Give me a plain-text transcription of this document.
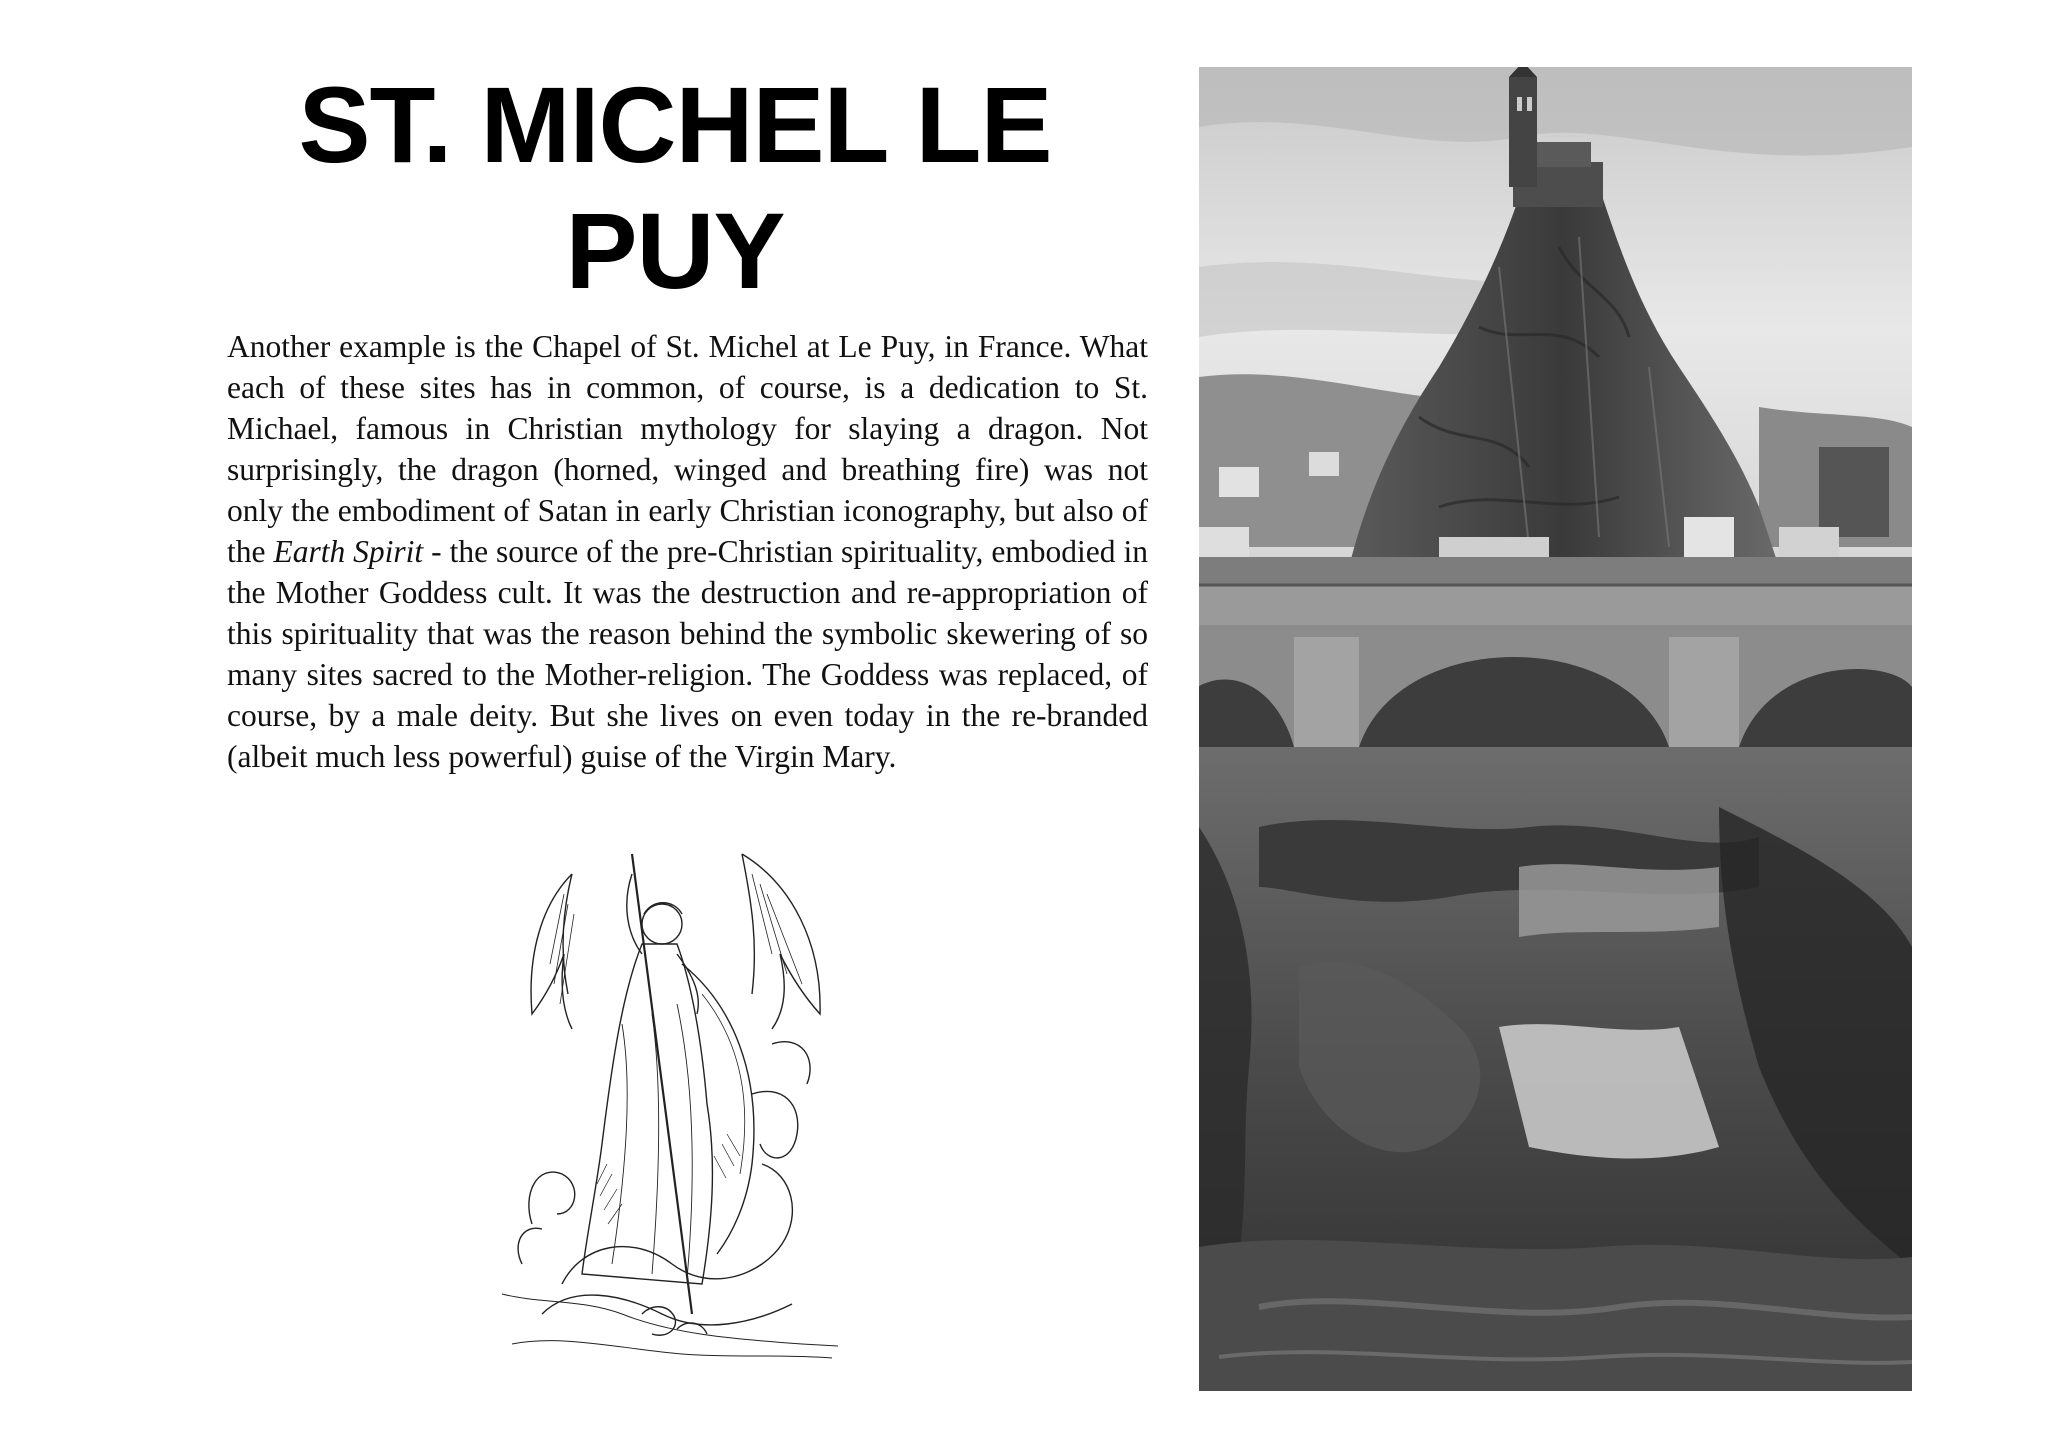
ST. MICHEL LE
PUY
Another example is the Chapel of St. Michel at Le Puy, in France. What each of these sites has in common, of course, is a dedication to St. Michael, famous in Christian mythology for slaying a dragon. Not surprisingly, the dragon (horned, winged and breathing fire) was not only the embodiment of Satan in early Christian iconography, but also of the Earth Spirit - the source of the pre-Christian spirituality, embodied in the Mother Goddess cult. It was the destruction and re-appropriation of this spirituality that was the reason behind the symbolic skewering of so many sites sacred to the Mother-religion. The Goddess was replaced, of course, by a male deity. But she lives on even today in the re-branded (albeit much less powerful) guise of the Virgin Mary.
